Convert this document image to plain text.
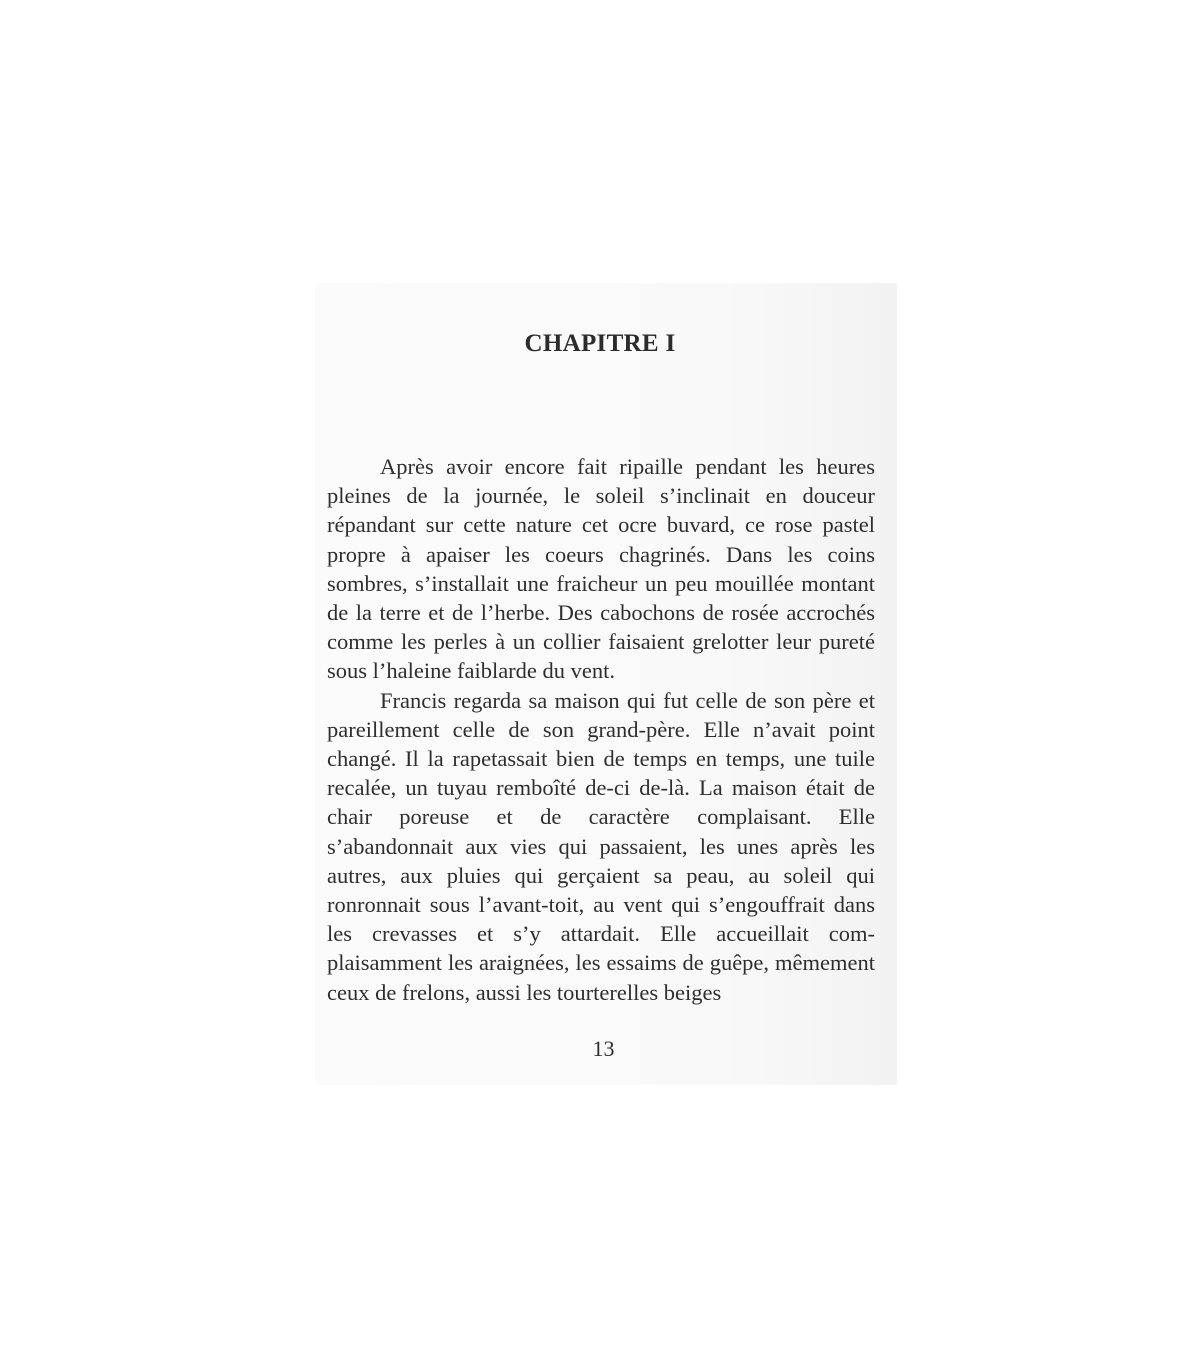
CHAPITRE I

Après avoir encore fait ripaille pendant les heures pleines de la journée, le soleil s’inclinait en douceur répandant sur cette nature cet ocre buvard, ce rose pastel propre à apaiser les coeurs chagrinés. Dans les coins sombres, s’installait une fraicheur un peu mouillée montant de la terre et de l’herbe. Des cabochons de rosée accrochés comme les perles à un collier faisaient grelotter leur pureté sous l’haleine faiblarde du vent.

Francis regarda sa maison qui fut celle de son père et pareillement celle de son grand-père. Elle n’avait point changé. Il la rapetassait bien de temps en temps, une tuile recalée, un tuyau remboîté de-ci de-là. La maison était de chair poreuse et de caractère complaisant. Elle s’abandonnait aux vies qui passaient, les unes après les autres, aux pluies qui gerçaient sa peau, au soleil qui ronronnait sous l’avant-toit, au vent qui s’engouffrait dans les crevasses et s’y attardait. Elle accueillait complaisamment les araignées, les essaims de guêpe, mêmement ceux de frelons, aussi les tourterelles beiges

13
